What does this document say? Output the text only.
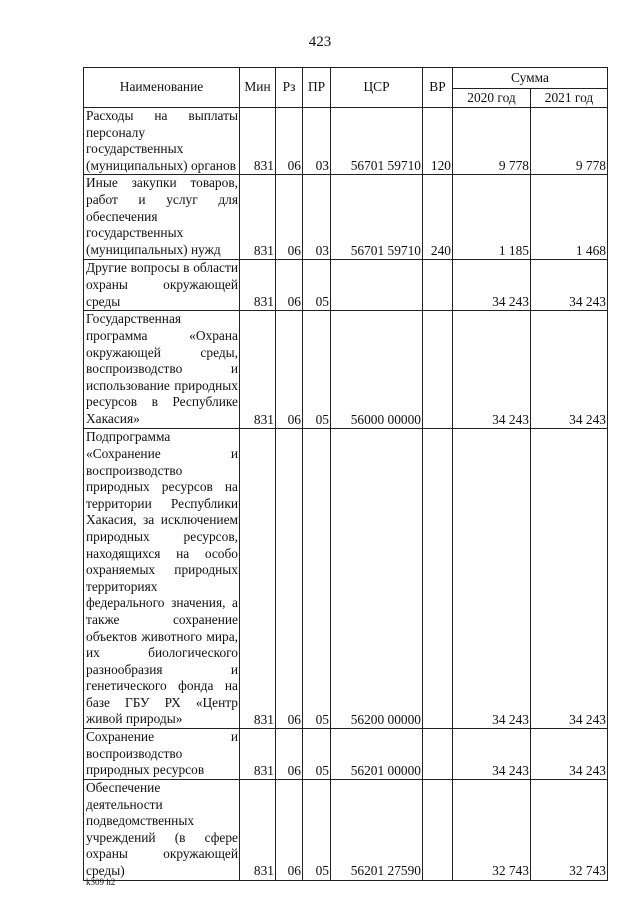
423
Наименование	Мин	Рз	ПР	ЦСР	ВР	Сумма	
						2020 год	2021 год
Расходы на выплаты персоналу государственных (муниципальных) органов	831	06	03	56701 59710	120	9 778	9 778
Иные закупки товаров, работ и услуг для обеспечения государственных (муниципальных) нужд	831	06	03	56701 59710	240	1 185	1 468
Другие вопросы в области охраны окружающей среды	831	06	05			34 243	34 243
Государственная программа «Охрана окружающей среды, воспроизводство и использование природных ресурсов в Республике Хакасия»	831	06	05	56000 00000		34 243	34 243
Подпрограмма «Сохранение и воспроизводство природных ресурсов на территории Республики Хакасия, за исключением природных ресурсов, находящихся на особо охраняемых природных территориях федерального значения, а также сохранение объектов животного мира, их биологического разнообразия и генетического фонда на базе ГБУ РХ «Центр живой природы»	831	06	05	56200 00000		34 243	34 243
Сохранение и воспроизводство природных ресурсов	831	06	05	56201 00000		34 243	34 243
Обеспечение деятельности подведомственных учреждений (в сфере охраны окружающей среды)	831	06	05	56201 27590		32 743	32 743
k309 h2
